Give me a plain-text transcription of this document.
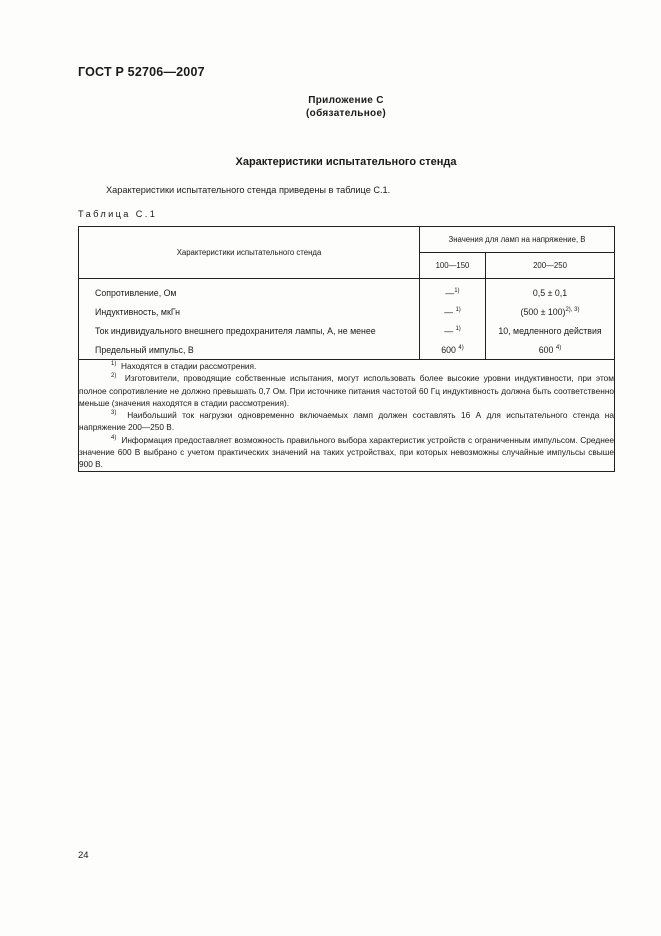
ГОСТ Р 52706—2007
Приложение С
(обязательное)
Характеристики испытательного стенда
Характеристики испытательного стенда приведены в таблице С.1.
Таблица С.1
Характеристики испытательного стенда	Значения для ламп на напряжение, В	
	100—150	200—250
Сопротивление, Ом	—$^{1)}$	0,5 ± 0,1
Индуктивность, мкГн	— $^{1)}$	$(500 \pm 100)^{2), 3)}$
Ток индивидуального внешнего предохранителя лампы, А, не менее	— $^{1)}$	10, медленного действия
Предельный импульс, В	600 $^{4)}$	600 $^{4)}$

$^{1)}$ Находятся в стадии рассмотрения.

$^{2)}$ Изготовители, проводящие собственные испытания, могут использовать более высокие уровни индуктивности, при этом полное сопротивление не должно превышать 0,7 Ом. При источнике питания частотой 60 Гц индуктивность должна быть соответственно меньше (значения находятся в стадии рассмотрения).

$^{3)}$ Наибольший ток нагрузки одновременно включаемых ламп должен составлять 16 А для испытательного стенда на напряжение 200—250 В.

$^{4)}$ Информация предоставляет возможность правильного выбора характеристик устройств с ограниченным импульсом. Среднее значение 600 В выбрано с учетом практических значений на таких устройствах, при которых невозможны случайные импульсы свыше 900 В.		

24
